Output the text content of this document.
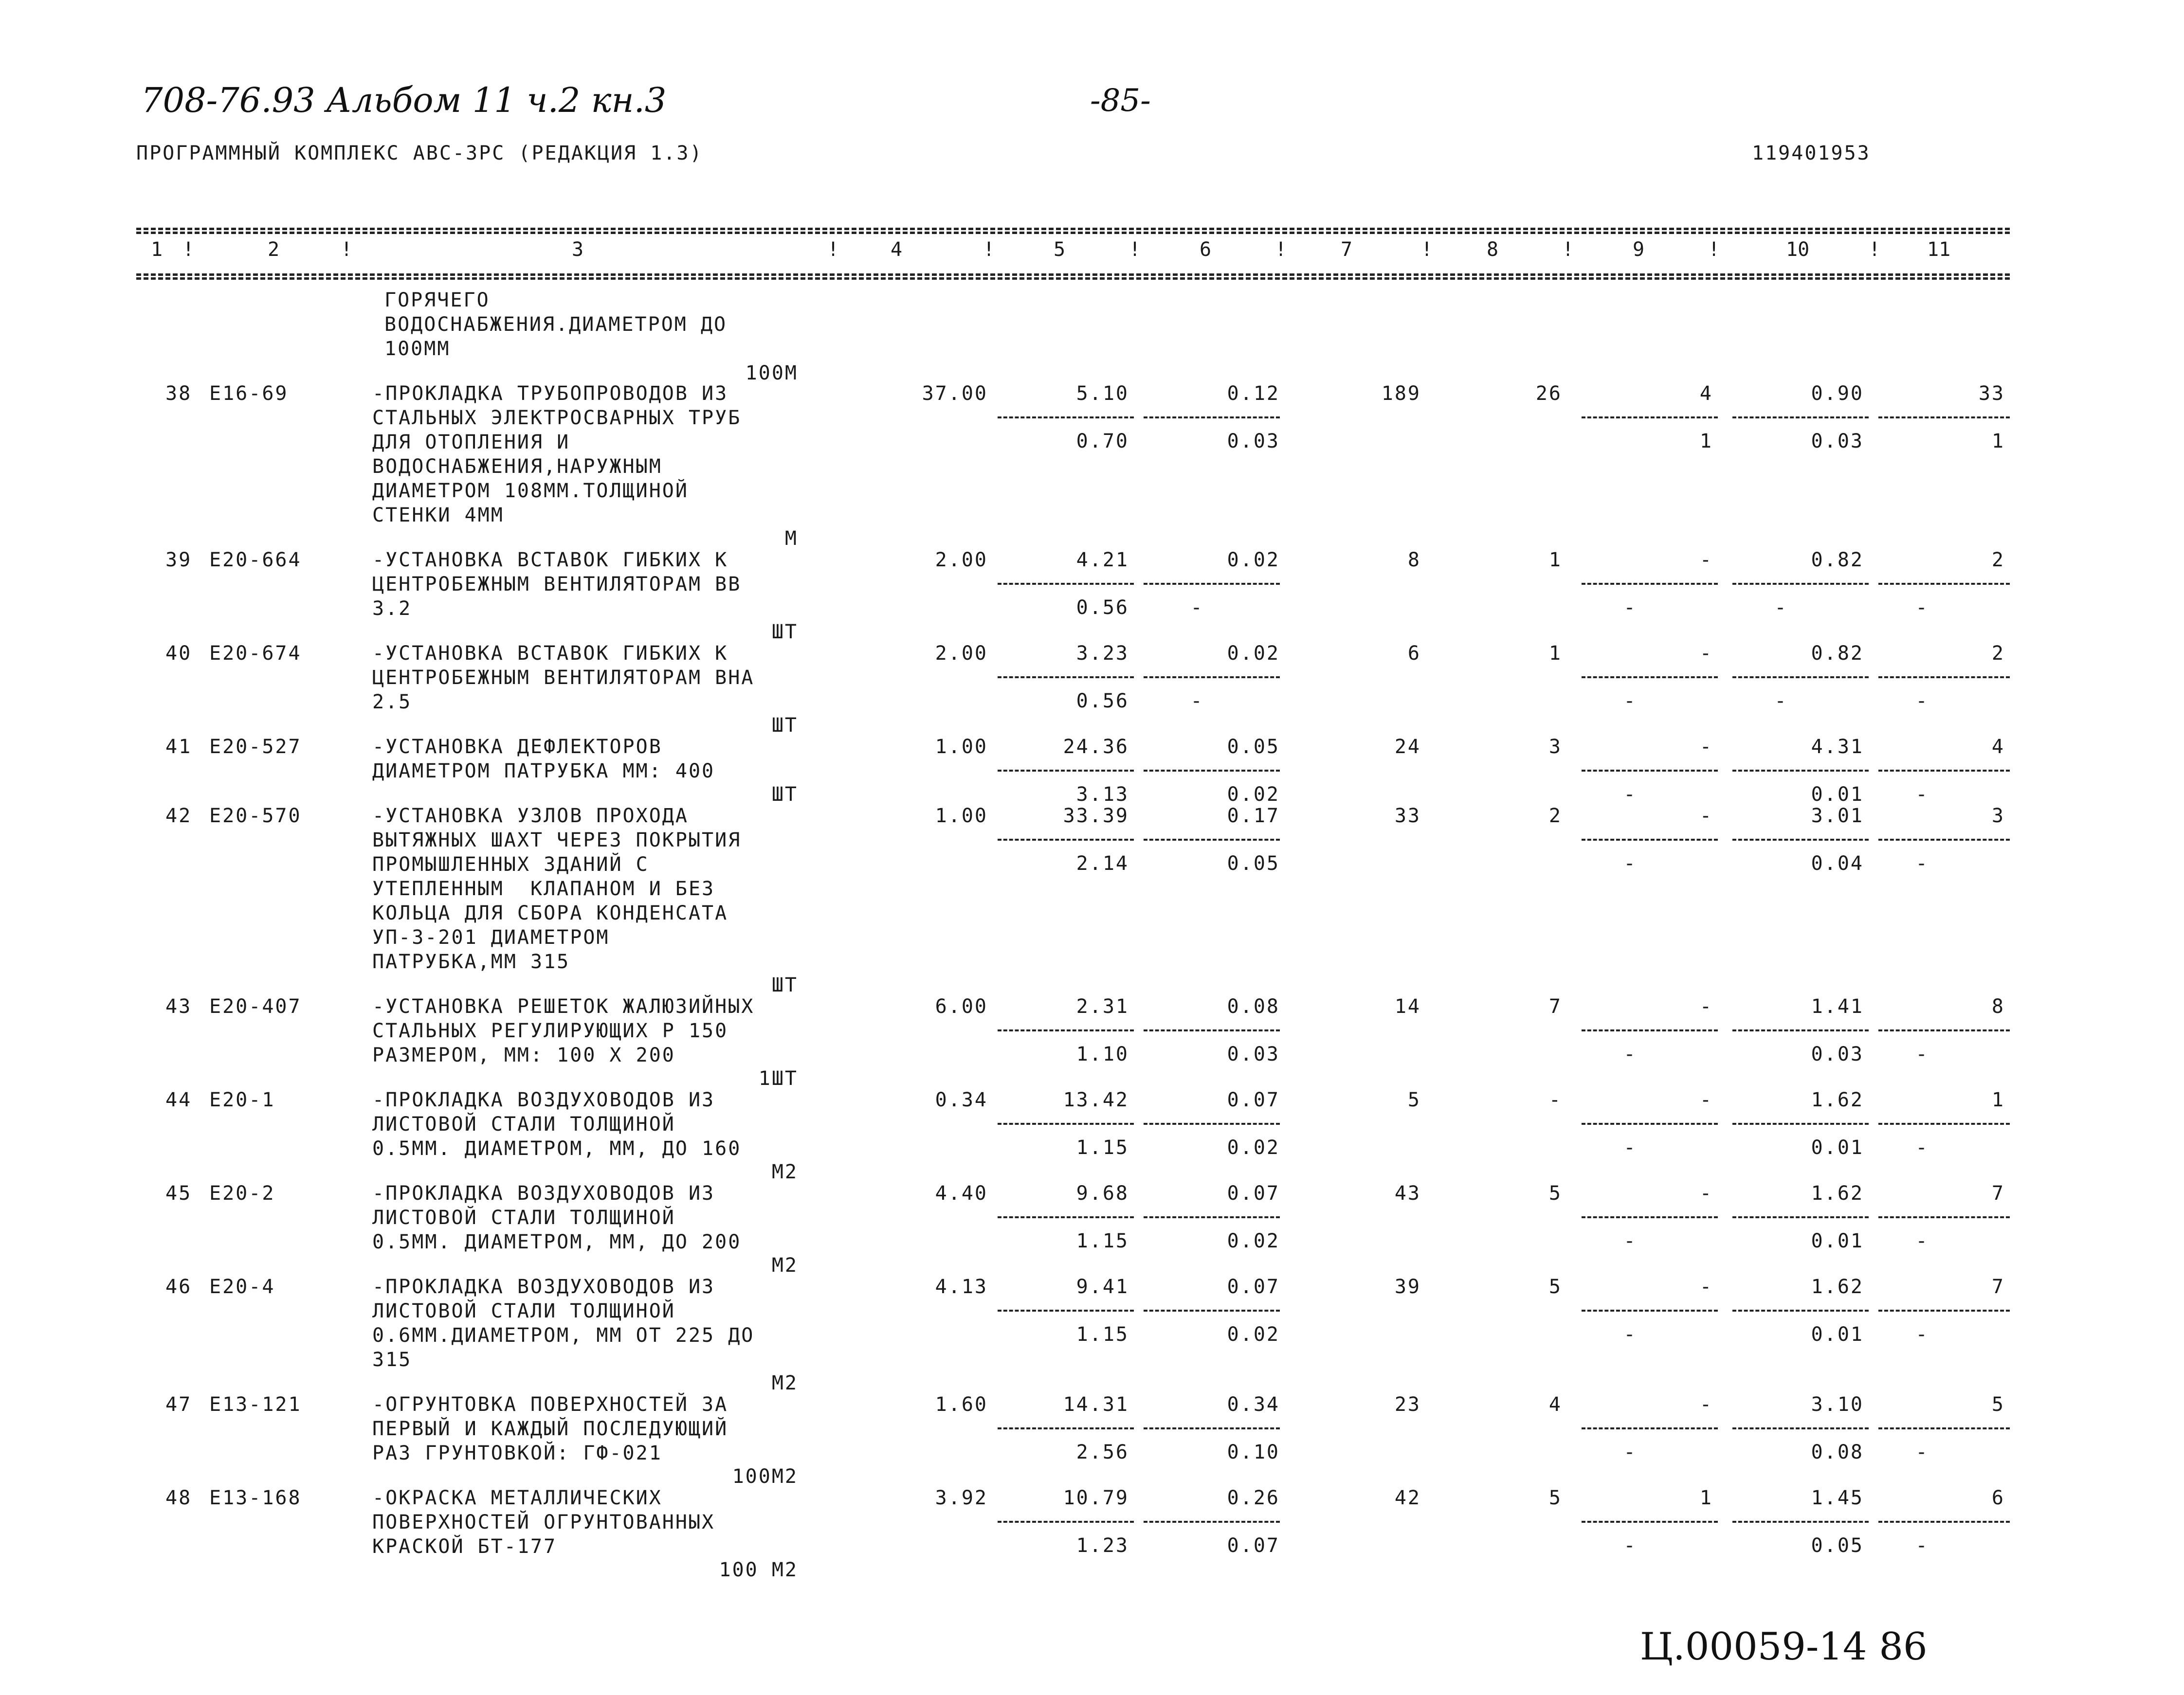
708-76.93 Альбом 11 ч.2 кн.3	-85-
ПРОГРАММНЫЙ КОМПЛЕКС АВС-3РС (РЕДАКЦИЯ 1.3)	119401953
1	2	3	4	5	6	7	8	9	10	11
!	!	!	!	!	!	!	!	!	!
ГОРЯЧЕГО
ВОДОСНАБЖЕНИЯ.ДИАМЕТРОМ ДО
100ММ
100М
38 Е16-69	-ПРОКЛАДКА ТРУБОПРОВОДОВ ИЗ
СТАЛЬНЫХ ЭЛЕКТРОСВАРНЫХ ТРУБ
ДЛЯ ОТОПЛЕНИЯ И
ВОДОСНАБЖЕНИЯ,НАРУЖНЫМ
ДИАМЕТРОМ 108ММ.ТОЛЩИНОЙ
СТЕНКИ 4ММ
37.00	5.10	0.12	189	26	4	0.90	33
0.70	0.03	1	0.03	1
М
39 Е20-664	-УСТАНОВКА ВСТАВОК ГИБКИХ К
ЦЕНТРОБЕЖНЫМ ВЕНТИЛЯТОРАМ ВВ
3.2
2.00	4.21	0.02	8	1	-	0.82	2
0.56	-	-	-	-
ШТ
40 Е20-674	-УСТАНОВКА ВСТАВОК ГИБКИХ К
ЦЕНТРОБЕЖНЫМ ВЕНТИЛЯТОРАМ ВНА
2.5
2.00	3.23	0.02	6	1	-	0.82	2
0.56	-	-	-	-
ШТ
41 Е20-527	-УСТАНОВКА ДЕФЛЕКТОРОВ
ДИАМЕТРОМ ПАТРУБКА ММ: 400
1.00	24.36	0.05	24	3	-	4.31	4
3.13	0.02	-	0.01	-
ШТ
42 Е20-570	-УСТАНОВКА УЗЛОВ ПРОХОДА
ВЫТЯЖНЫХ ШАХТ ЧЕРЕЗ ПОКРЫТИЯ
ПРОМЫШЛЕННЫХ ЗДАНИЙ С
УТЕПЛЕННЫМ  КЛАПАНОМ И БЕЗ
КОЛЬЦА ДЛЯ СБОРА КОНДЕНСАТА
УП-3-201 ДИАМЕТРОМ
ПАТРУБКА,ММ 315
1.00	33.39	0.17	33	2	-	3.01	3
2.14	0.05	-	0.04	-
ШТ
43 Е20-407	-УСТАНОВКА РЕШЕТОК ЖАЛЮЗИЙНЫХ
СТАЛЬНЫХ РЕГУЛИРУЮЩИХ Р 150
РАЗМЕРОМ, ММ: 100 Х 200
6.00	2.31	0.08	14	7	-	1.41	8
1.10	0.03	-	0.03	-
1ШТ
44 Е20-1	-ПРОКЛАДКА ВОЗДУХОВОДОВ ИЗ
ЛИСТОВОЙ СТАЛИ ТОЛЩИНОЙ
0.5ММ. ДИАМЕТРОМ, ММ, ДО 160
0.34	13.42	0.07	5	-	-	1.62	1
1.15	0.02	-	0.01	-
М2
45 Е20-2	-ПРОКЛАДКА ВОЗДУХОВОДОВ ИЗ
ЛИСТОВОЙ СТАЛИ ТОЛЩИНОЙ
0.5ММ. ДИАМЕТРОМ, ММ, ДО 200
4.40	9.68	0.07	43	5	-	1.62	7
1.15	0.02	-	0.01	-
М2
46 Е20-4	-ПРОКЛАДКА ВОЗДУХОВОДОВ ИЗ
ЛИСТОВОЙ СТАЛИ ТОЛЩИНОЙ
0.6ММ.ДИАМЕТРОМ, ММ ОТ 225 ДО
315
4.13	9.41	0.07	39	5	-	1.62	7
1.15	0.02	-	0.01	-
М2
47 Е13-121	-ОГРУНТОВКА ПОВЕРХНОСТЕЙ ЗА
ПЕРВЫЙ И КАЖДЫЙ ПОСЛЕДУЮЩИЙ
РАЗ ГРУНТОВКОЙ: ГФ-021
1.60	14.31	0.34	23	4	-	3.10	5
2.56	0.10	-	0.08	-
100М2
48 Е13-168	-ОКРАСКА МЕТАЛЛИЧЕСКИХ
ПОВЕРХНОСТЕЙ ОГРУНТОВАННЫХ
КРАСКОЙ БТ-177
3.92	10.79	0.26	42	5	1	1.45	6
1.23	0.07	-	0.05	-
100 М2
Ц.00059-14 86
